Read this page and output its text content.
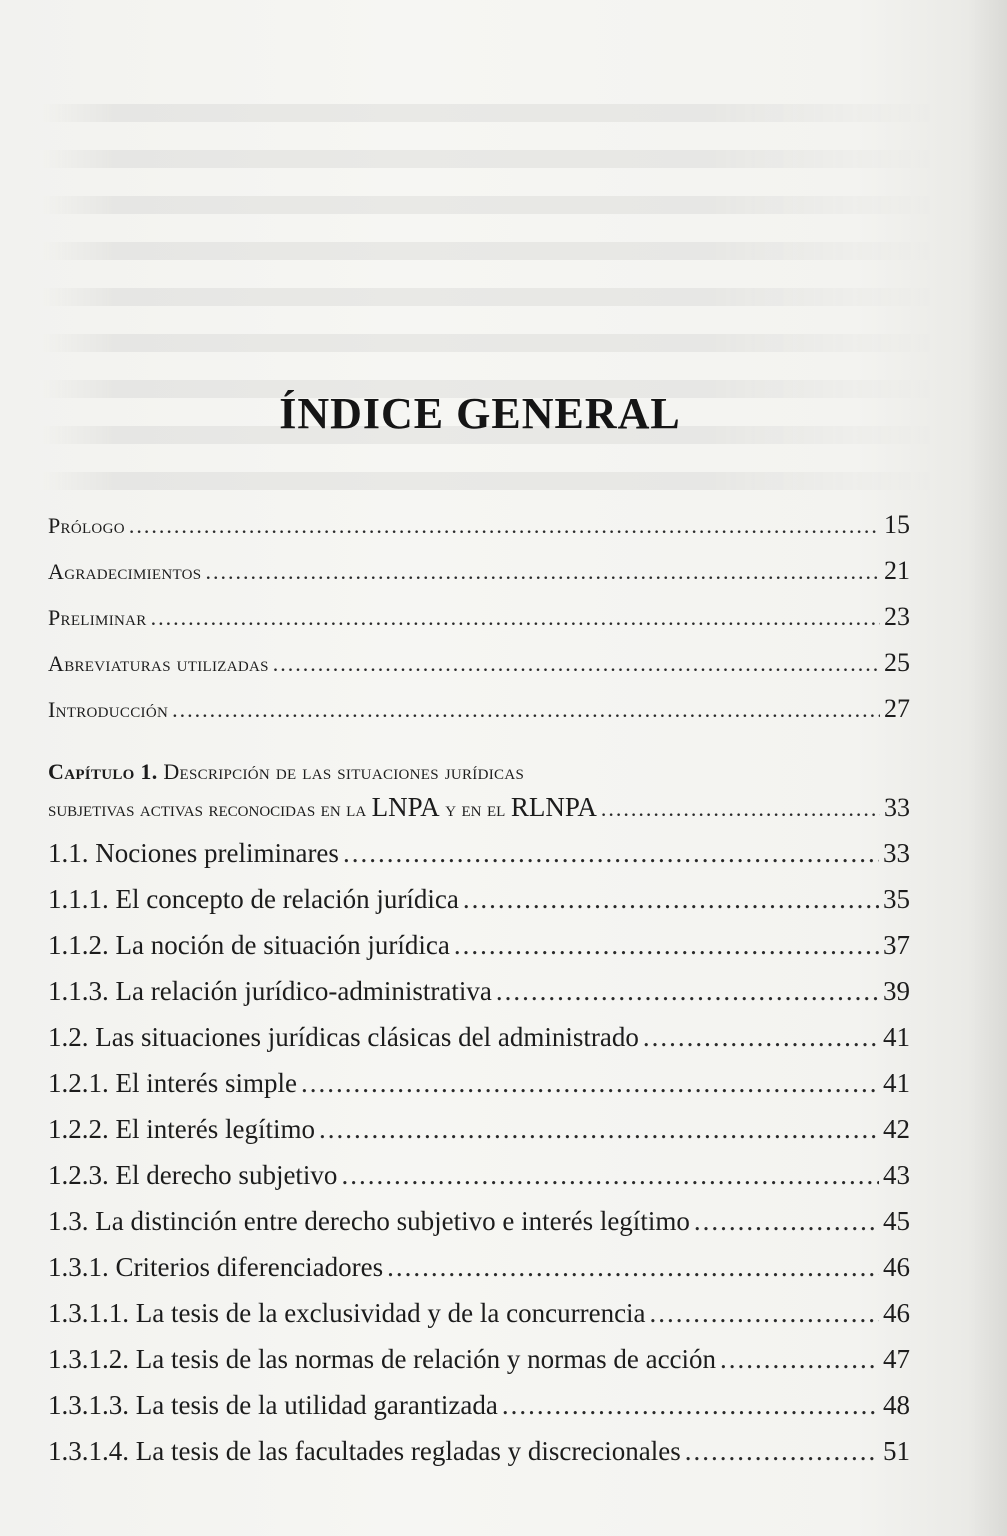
ÍNDICE GENERAL
Prólogo .....	15
Agradecimientos .....	21
Preliminar .....	23
Abreviaturas utilizadas .....	25
Introducción .....	27
Capítulo 1. Descripción de las situaciones jurídicas
subjetivas activas reconocidas en la LNPA y en el RLNPA .....	33
1.1. Nociones preliminares .....	33
1.1.1. El concepto de relación jurídica .....	35
1.1.2. La noción de situación jurídica .....	37
1.1.3. La relación jurídico-administrativa .....	39
1.2. Las situaciones jurídicas clásicas del administrado .....	41
1.2.1. El interés simple .....	41
1.2.2. El interés legítimo .....	42
1.2.3. El derecho subjetivo .....	43
1.3. La distinción entre derecho subjetivo e interés legítimo .....	45
1.3.1. Criterios diferenciadores .....	46
1.3.1.1. La tesis de la exclusividad y de la concurrencia .....	46
1.3.1.2. La tesis de las normas de relación y normas de acción .....	47
1.3.1.3. La tesis de la utilidad garantizada .....	48
1.3.1.4. La tesis de las facultades regladas y discrecionales .....	51
